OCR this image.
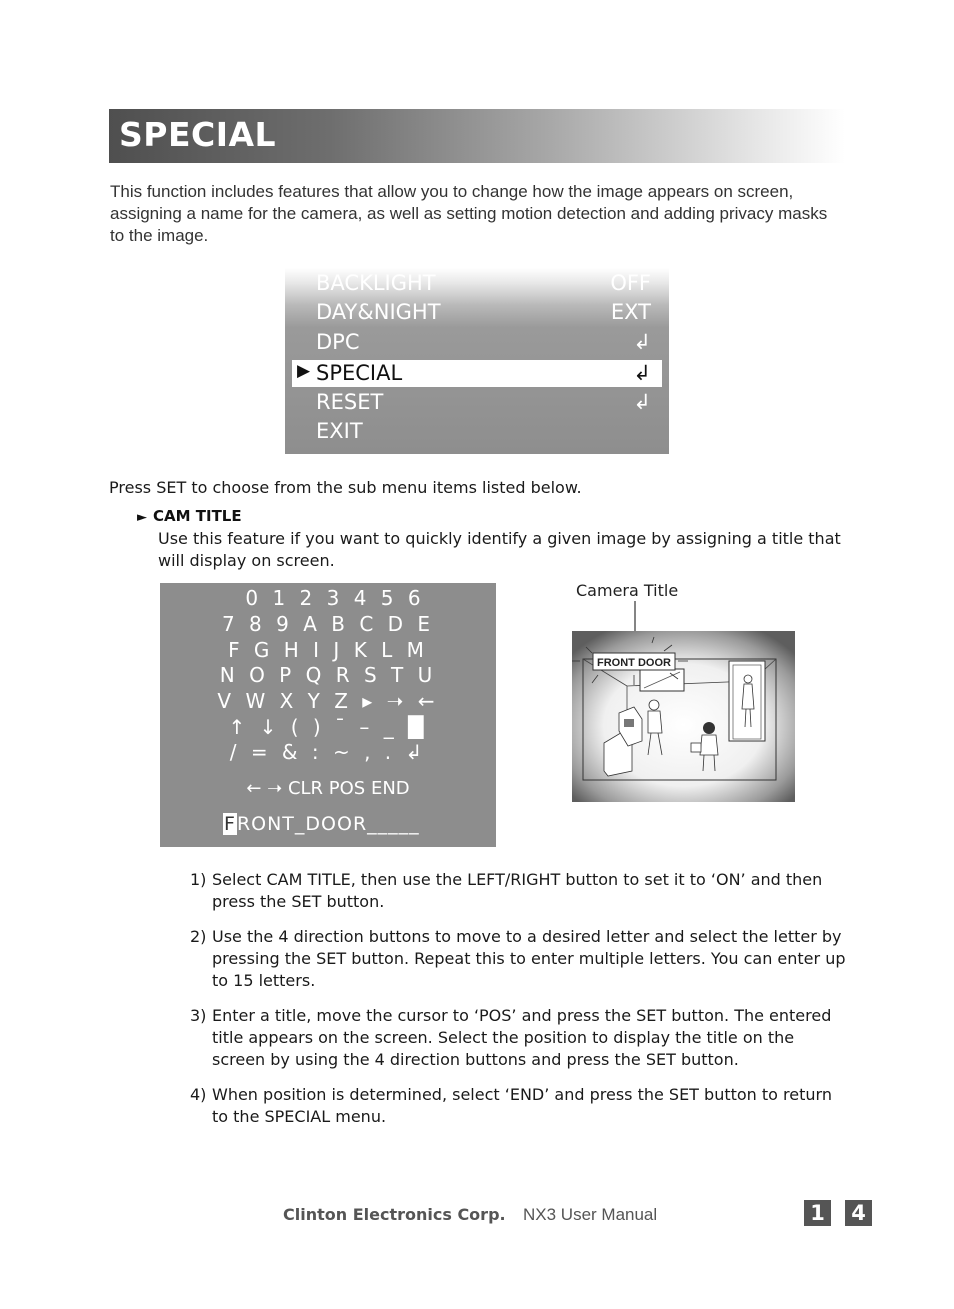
SPECIAL

This function includes features that allow you to change how the image appears on screen, assigning a name for the camera, as well as setting motion detection and adding privacy masks to the image.

BACKLIGHT	OFF
DAY&NIGHT	EXT
DPC	↲
▶ SPECIAL	↲
RESET	↲
EXIT

Press SET to choose from the sub menu items listed below.

► CAM TITLE
Use this feature if you want to quickly identify a given image by assigning a title that will display on screen.
0 1 2 3 4 5 6
7 8 9 A B C D E
F G H I J K L M
N O P Q R S T U
V W X Y Z ▸ ➝ ←
↑ ↓ ( ) ¯ – _ █
/ = & : ~ , . ↲
← ➝ CLR POS END
FRONT_DOOR_____
Camera Title
FRONT DOOR
1) Select CAM TITLE, then use the LEFT/RIGHT button to set it to ‘ON’ and then press the SET button.
2) Use the 4 direction buttons to move to a desired letter and select the letter by pressing the SET button. Repeat this to enter multiple letters. You can enter up to 15 letters.
3) Enter a title, move the cursor to ‘POS’ and press the SET button. The entered title appears on the screen. Select the position to display the title on the screen by using the 4 direction buttons and press the SET button.
4) When position is determined, select ‘END’ and press the SET button to return to the SPECIAL menu.
Clinton Electronics Corp. NX3 User Manual	1 4
